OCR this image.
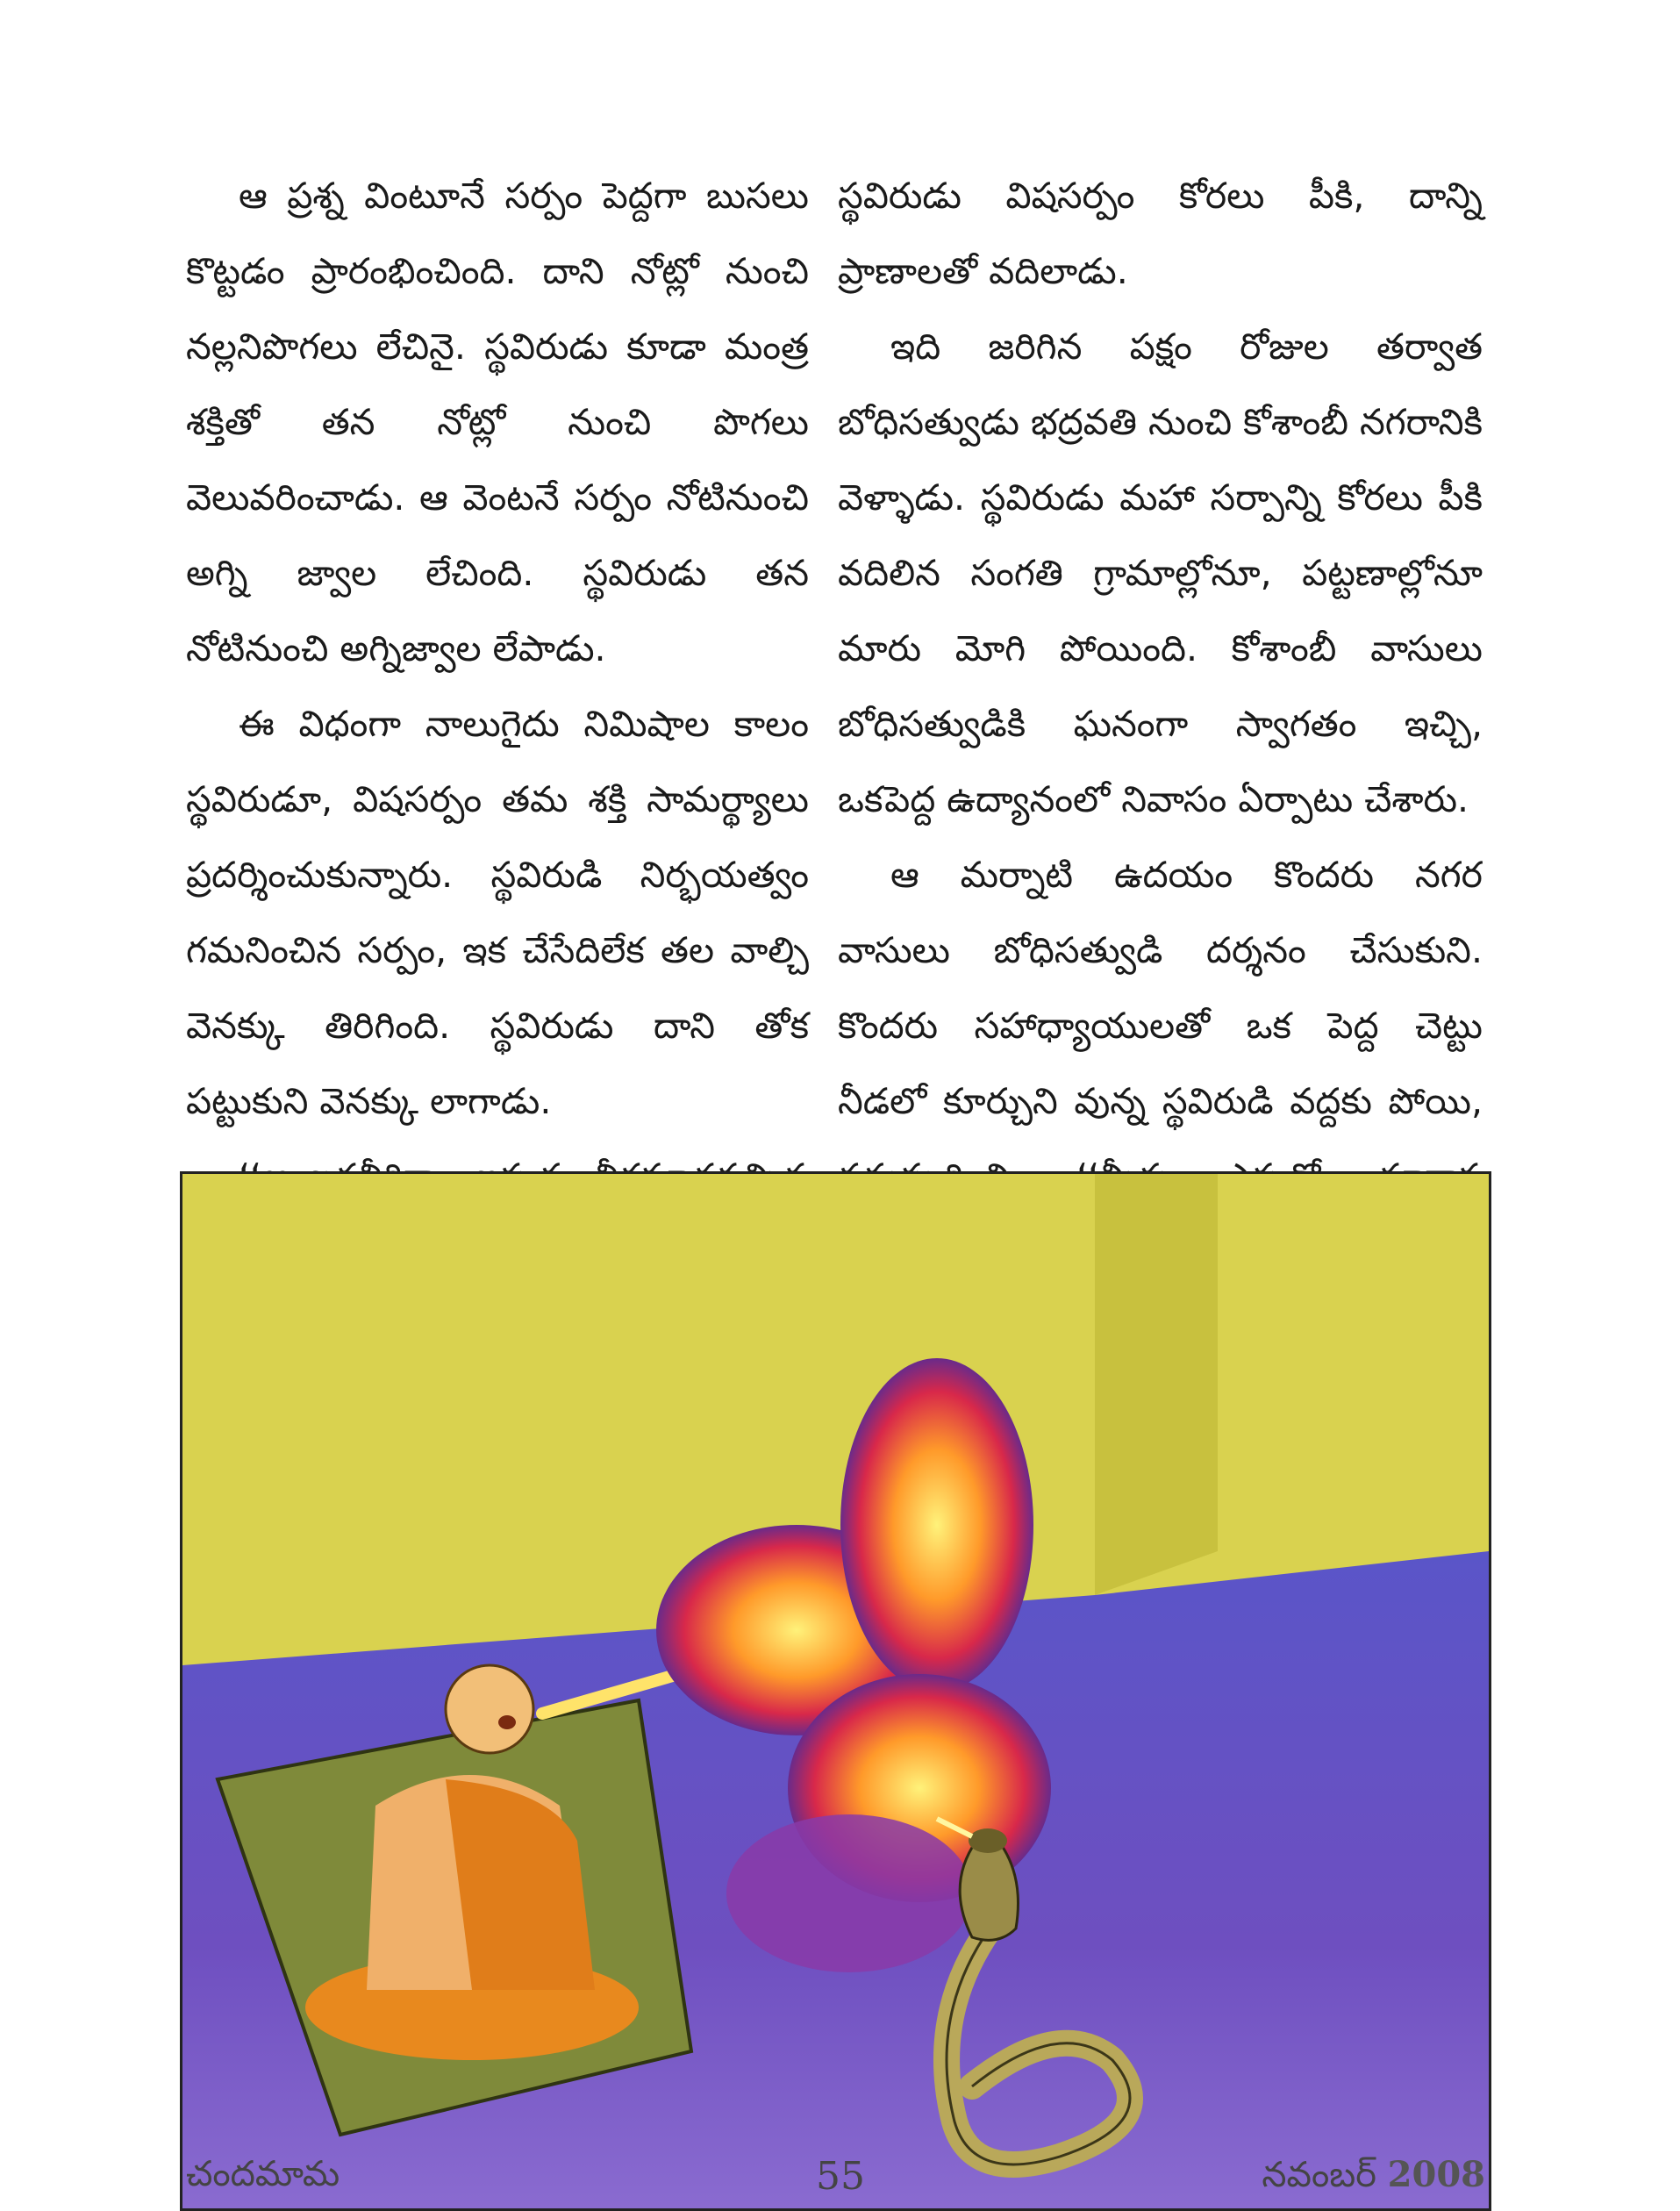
ఆ ప్రశ్న వింటూనే సర్పం పెద్దగా బుసలు కొట్టడం ప్రారంభించింది. దాని నోట్లో నుంచి నల్లనిపొగలు లేచినై. స్థవిరుడు కూడా మంత్ర శక్తితో తన నోట్లో నుంచి పొగలు వెలువరించాడు. ఆ వెంటనే సర్పం నోటినుంచి అగ్ని జ్వాల లేచింది. స్థవిరుడు తన నోటినుంచి అగ్నిజ్వాల లేపాడు.

ఈ విధంగా నాలుగైదు నిమిషాల కాలం స్థవిరుడూ, విషసర్పం తమ శక్తి సామర్థ్యాలు ప్రదర్శించుకున్నారు. స్థవిరుడి నిర్భయత్వం గమనించిన సర్పం, ఇక చేసేదిలేక తల వాల్చి వెనక్కు తిరిగింది. స్థవిరుడు దాని తోక పట్టుకుని వెనక్కు లాగాడు.

స్థవిరుడు విషసర్పం కోరలు పీకి, దాన్ని ప్రాణాలతో వదిలాడు.

ఇది జరిగిన పక్షం రోజుల తర్వాత బోధిసత్వుడు భద్రవతి నుంచి కోశాంబీ నగరానికి వెళ్ళాడు. స్థవిరుడు మహా సర్పాన్ని కోరలు పీకి వదిలిన సంగతి గ్రామాల్లోనూ, పట్టణాల్లోనూ మారు మోగి పోయింది. కోశాంబీ వాసులు బోధిసత్వుడికి ఘనంగా స్వాగతం ఇచ్చి, ఒకపెద్ద ఉద్యానంలో నివాసం ఏర్పాటు చేశారు.

ఆ మర్నాటి ఉదయం కొందరు నగర వాసులు బోధిసత్వుడి దర్శనం చేసుకుని. కొందరు సహాధ్యాయులతో ఒక పెద్ద చెట్టు నీడలో కూర్చుని వున్న స్థవిరుడి వద్దకు పోయి,

చందమామ	55	నవంబర్ 2008
